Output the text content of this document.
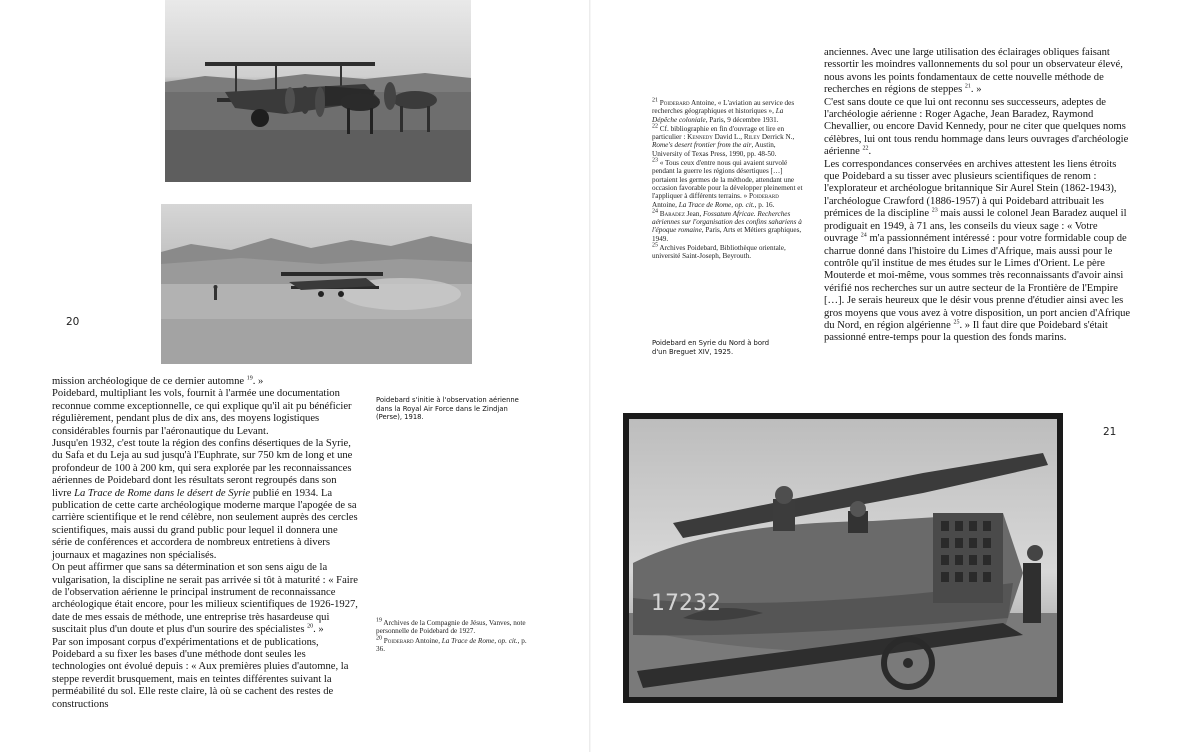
17232
20
21

$^{21}$ Poidebard Antoine, « L'aviation au service des recherches géographiques et historiques », La Dépêche coloniale, Paris, 9 décembre 1931.

$^{22}$ Cf. bibliographie en fin d'ouvrage et lire en particulier : Kennedy David L., Riley Derrick N., Rome's desert frontier from the air, Austin, University of Texas Press, 1990, pp. 48-50.

$^{23}$ « Tous ceux d'entre nous qui avaient survolé pendant la guerre les régions désertiques […] portaient les germes de la méthode, attendant une occasion favorable pour la développer pleinement et l'appliquer à différents terrains. » Poidebard Antoine, La Trace de Rome, op. cit., p. 16.

$^{24}$ Baradez Jean, Fossatum Africae. Recherches aériennes sur l'organisation des confins sahariens à l'époque romaine, Paris, Arts et Métiers graphiques, 1949.

$^{25}$ Archives Poidebard, Bibliothèque orientale, université Saint-Joseph, Beyrouth.

Poidebard en Syrie du Nord à bord d'un Breguet XIV, 1925.
Poidebard s'initie à l'observation aérienne dans la Royal Air Force dans le Zindjan (Perse), 1918.

$^{19}$ Archives de la Compagnie de Jésus, Vanves, note personnelle de Poidebard de 1927.

$^{20}$ Poidebard Antoine, La Trace de Rome, op. cit., p. 36.

mission archéologique de ce dernier automne $^{19}$. »

Poidebard, multipliant les vols, fournit à l'armée une documentation reconnue comme exceptionnelle, ce qui explique qu'il ait pu bénéficier régulièrement, pendant plus de dix ans, des moyens logistiques considérables fournis par l'aéronautique du Levant.

Jusqu'en 1932, c'est toute la région des confins désertiques de la Syrie, du Safa et du Leja au sud jusqu'à l'Euphrate, sur 750 km de long et une profondeur de 100 à 200 km, qui sera explorée par les reconnaissances aériennes de Poidebard dont les résultats seront regroupés dans son livre La Trace de Rome dans le désert de Syrie publié en 1934. La publication de cette carte archéologique moderne marque l'apogée de sa carrière scientifique et le rend célèbre, non seulement auprès des cercles scientifiques, mais aussi du grand public pour lequel il donnera une série de conférences et accordera de nombreux entretiens à divers journaux et magazines non spécialisés.

On peut affirmer que sans sa détermination et son sens aigu de la vulgarisation, la discipline ne serait pas arrivée si tôt à maturité : « Faire de l'observation aérienne le principal instrument de reconnaissance archéologique était encore, pour les milieux scientifiques de 1926-1927, date de mes essais de méthode, une entreprise très hasardeuse qui suscitait plus d'un doute et plus d'un sourire des spécialistes $^{20}$. »

Par son imposant corpus d'expérimentations et de publications, Poidebard a su fixer les bases d'une méthode dont seules les technologies ont évolué depuis : « Aux premières pluies d'automne, la steppe reverdit brusquement, mais en teintes différentes suivant la perméabilité du sol. Elle reste claire, là où se cachent des restes de constructions

anciennes. Avec une large utilisation des éclairages obliques faisant ressortir les moindres vallonnements du sol pour un observateur élevé, nous avons les points fondamentaux de cette nouvelle méthode de recherches en régions de steppes $^{21}$. »

C'est sans doute ce que lui ont reconnu ses successeurs, adeptes de l'archéologie aérienne : Roger Agache, Jean Baradez, Raymond Chevallier, ou encore David Kennedy, pour ne citer que quelques noms célèbres, lui ont tous rendu hommage dans leurs ouvrages d'archéologie aérienne $^{22}$.

Les correspondances conservées en archives attestent les liens étroits que Poidebard a su tisser avec plusieurs scientifiques de renom : l'explorateur et archéologue britannique Sir Aurel Stein (1862-1943), l'archéologue Crawford (1886-1957) à qui Poidebard attribuait les prémices de la discipline $^{23}$ mais aussi le colonel Jean Baradez auquel il prodiguait en 1949, à 71 ans, les conseils du vieux sage : « Votre ouvrage $^{24}$ m'a passionnément intéressé : pour votre formidable coup de charrue donné dans l'histoire du Limes d'Afrique, mais aussi pour le contrôle qu'il institue de mes études sur le Limes d'Orient. Le père Mouterde et moi-même, vous sommes très reconnaissants d'avoir ainsi vérifié nos recherches sur un autre secteur de la Frontière de l'Empire […]. Je serais heureux que le désir vous prenne d'étudier ainsi avec les gros moyens que vous avez à votre disposition, un port ancien d'Afrique du Nord, en région algérienne $^{25}$. » Il faut dire que Poidebard s'était passionné entre-temps pour la question des fonds marins.
